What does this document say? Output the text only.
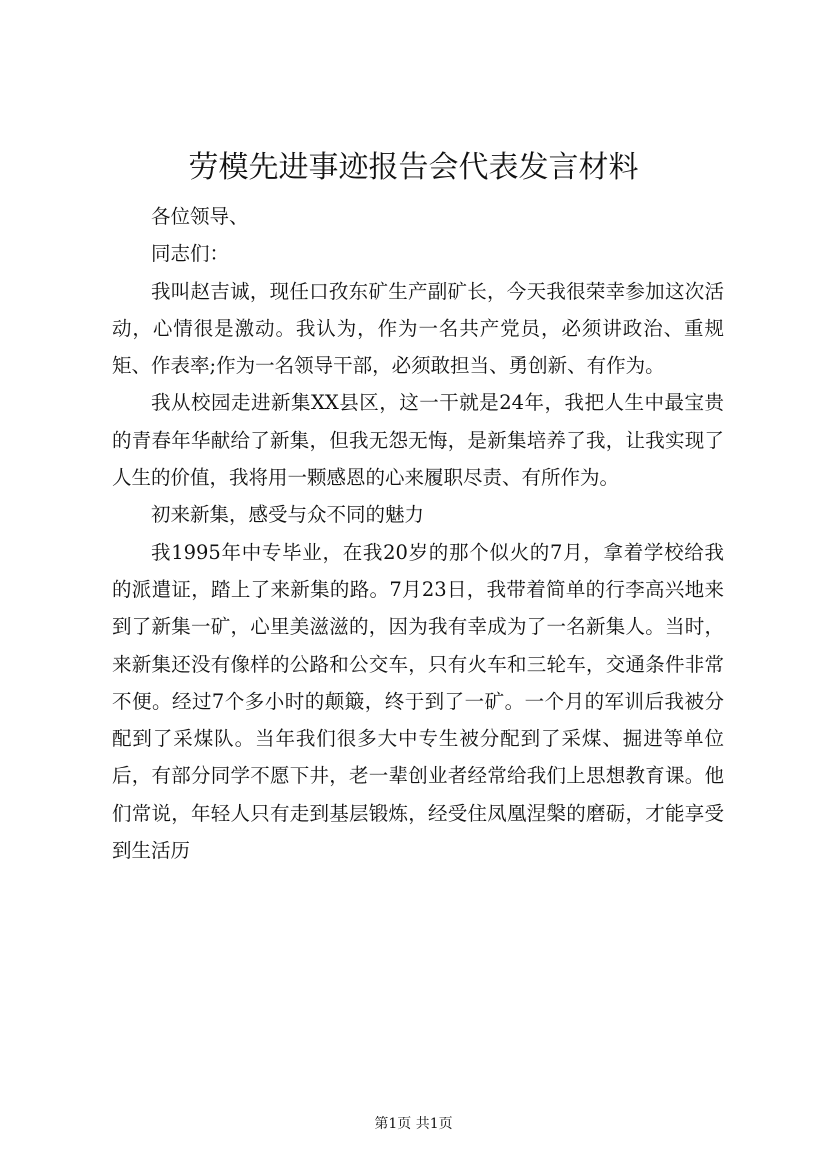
劳模先进事迹报告会代表发言材料

各位领导、

同志们：

我叫赵吉诚，现任口孜东矿生产副矿长，今天我很荣幸参加这次活动，心情很是激动。我认为，作为一名共产党员，必须讲政治、重规矩、作表率;作为一名领导干部，必须敢担当、勇创新、有作为。

我从校园走进新集XX县区，这一干就是24年，我把人生中最宝贵的青春年华献给了新集，但我无怨无悔，是新集培养了我，让我实现了人生的价值，我将用一颗感恩的心来履职尽责、有所作为。

初来新集，感受与众不同的魅力

我1995年中专毕业，在我20岁的那个似火的7月，拿着学校给我的派遣证，踏上了来新集的路。7月23日，我带着简单的行李高兴地来到了新集一矿，心里美滋滋的，因为我有幸成为了一名新集人。当时，来新集还没有像样的公路和公交车，只有火车和三轮车，交通条件非常不便。经过7个多小时的颠簸，终于到了一矿。一个月的军训后我被分配到了采煤队。当年我们很多大中专生被分配到了采煤、掘进等单位后，有部分同学不愿下井，老一辈创业者经常给我们上思想教育课。他们常说，年轻人只有走到基层锻炼，经受住凤凰涅槃的磨砺，才能享受到生活历

第1页 共1页
